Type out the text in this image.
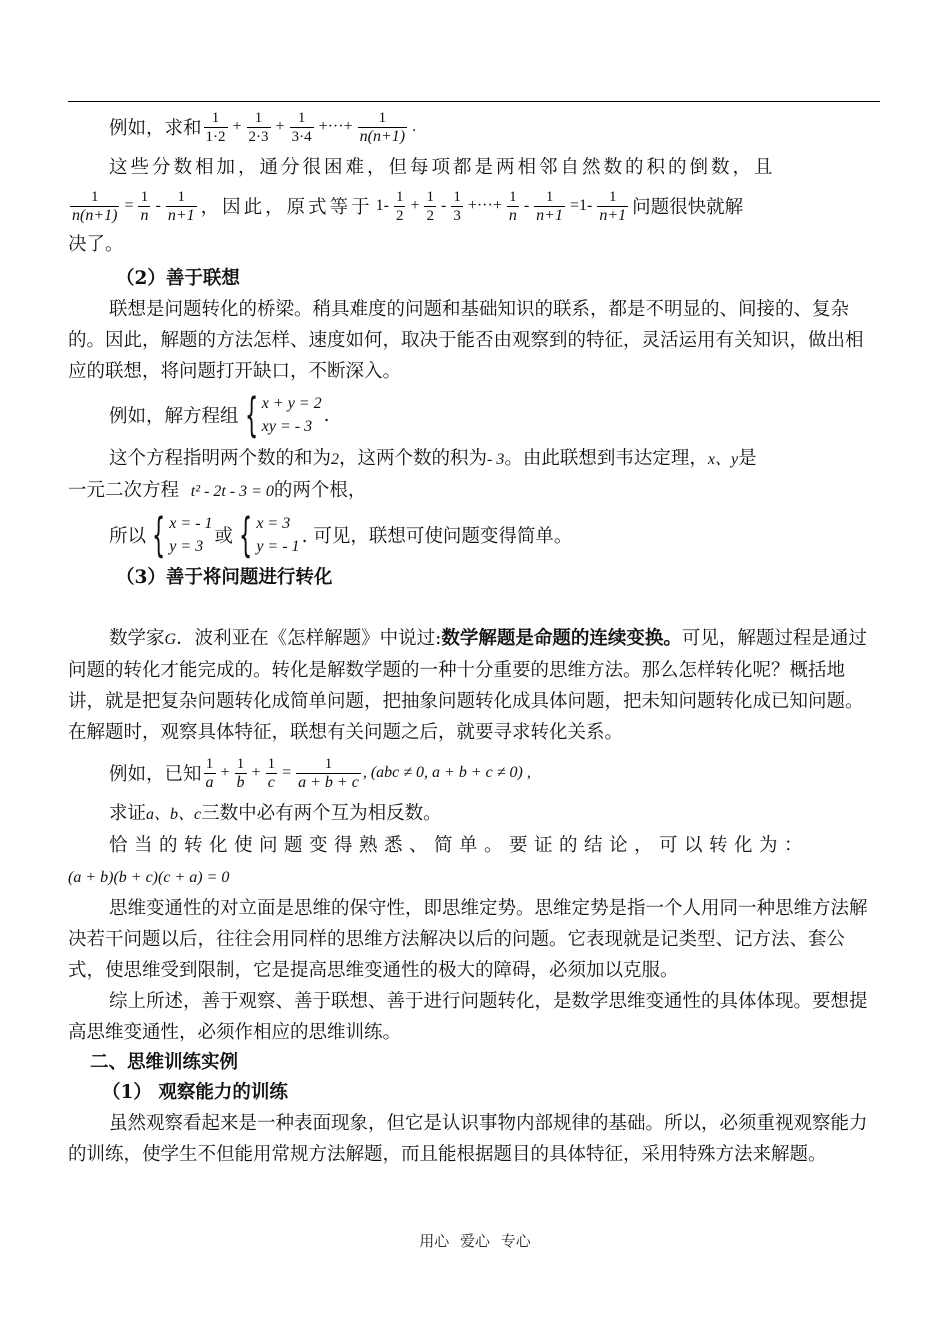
例如，求和 $\frac{1}{1\cdot 2} + \frac{1}{2\cdot 3} + \frac{1}{3\cdot 4}$ +···+ $\frac{1}{n(n+1)}$ .

这些分数相加，通分很困难，但每项都是两相邻自然数的积的倒数，且

$\frac{1}{n(n+1)} = \frac{1}{n} - \frac{1}{n+1}$ ，因此，原式等于 $1- \frac{1}{2} + \frac{1}{2} - \frac{1}{3}$ +···+ $\frac{1}{n} - \frac{1}{n+1} =1- \frac{1}{n+1}$ 问题很快就解

决了。

（2）善于联想

联想是问题转化的桥梁。稍具难度的问题和基础知识的联系，都是不明显的、间接的、复杂的。因此，解题的方法怎样、速度如何，取决于能否由观察到的特征，灵活运用有关知识，做出相应的联想，将问题打开缺口，不断深入。

例如，解方程组 { x + y = 2
xy = - 3
.

这个方程指明两个数的和为2，这两个数的积为- 3。由此联想到韦达定理，x、y是
一元二次方程 t² - 2t - 3 = 0的两个根，

所以 { x = - 1
y = 3 或 { x = 3
y = - 1 . 可见，联想可使问题变得简单。

（3）善于将问题进行转化

数学家G．波利亚在《怎样解题》中说过:数学解题是命题的连续变换。可见，解题过程是通过问题的转化才能完成的。转化是解数学题的一种十分重要的思维方法。那么怎样转化呢？概括地讲，就是把复杂问题转化成简单问题，把抽象问题转化成具体问题，把未知问题转化成已知问题。在解题时，观察具体特征，联想有关问题之后，就要寻求转化关系。

例如，已知 $\frac{1}{a} + \frac{1}{b} + \frac{1}{c} = \frac{1}{a + b + c}$ , (abc ≠ 0, a + b + c ≠ 0) ,

求证a、b、c三数中必有两个互为相反数。

恰当的转化使问题变得熟悉、简单。要证的结论，可以转化为：
(a + b)(b + c)(c + a) = 0

思维变通性的对立面是思维的保守性，即思维定势。思维定势是指一个人用同一种思维方法解决若干问题以后，往往会用同样的思维方法解决以后的问题。它表现就是记类型、记方法、套公式，使思维受到限制，它是提高思维变通性的极大的障碍，必须加以克服。

综上所述，善于观察、善于联想、善于进行问题转化，是数学思维变通性的具体体现。要想提高思维变通性，必须作相应的思维训练。

二、思维训练实例

（1） 观察能力的训练

虽然观察看起来是一种表面现象，但它是认识事物内部规律的基础。所以，必须重视观察能力的训练，使学生不但能用常规方法解题，而且能根据题目的具体特征，采用特殊方法来解题。

用心 爱心 专心
